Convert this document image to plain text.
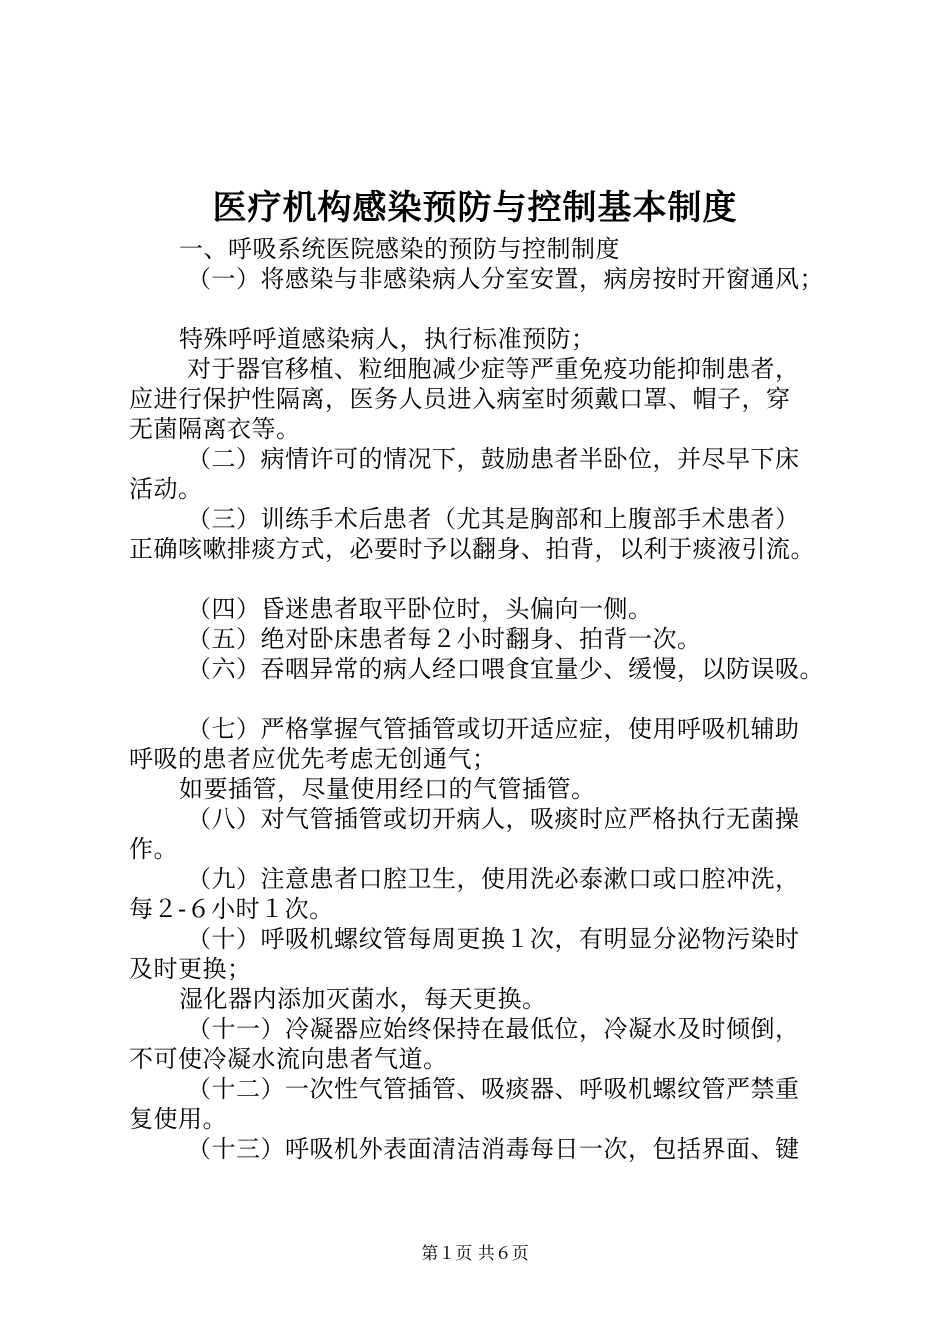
医疗机构感染预防与控制基本制度
一、呼吸系统医院感染的预防与控制制度
（一）将感染与非感染病人分室安置，病房按时开窗通风；
特殊呼呼道感染病人，执行标准预防；
对于器官移植、粒细胞减少症等严重免疫功能抑制患者，
应进行保护性隔离，医务人员进入病室时须戴口罩、帽子，穿
无菌隔离衣等。
（二）病情许可的情况下，鼓励患者半卧位，并尽早下床
活动。
（三）训练手术后患者（尤其是胸部和上腹部手术患者）
正确咳嗽排痰方式，必要时予以翻身、拍背，以利于痰液引流。
（四）昏迷患者取平卧位时，头偏向一侧。
（五）绝对卧床患者每２小时翻身、拍背一次。
（六）吞咽异常的病人经口喂食宜量少、缓慢，以防误吸。
（七）严格掌握气管插管或切开适应症，使用呼吸机辅助
呼吸的患者应优先考虑无创通气；
如要插管，尽量使用经口的气管插管。
（八）对气管插管或切开病人，吸痰时应严格执行无菌操
作。
（九）注意患者口腔卫生，使用洗必泰漱口或口腔冲洗，
每２-６小时１次。
（十）呼吸机螺纹管每周更换１次，有明显分泌物污染时
及时更换；
湿化器内添加灭菌水，每天更换。
（十一）冷凝器应始终保持在最低位，冷凝水及时倾倒，
不可使冷凝水流向患者气道。
（十二）一次性气管插管、吸痰器、呼吸机螺纹管严禁重
复使用。
（十三）呼吸机外表面清洁消毒每日一次，包括界面、键
第１页 共６页
